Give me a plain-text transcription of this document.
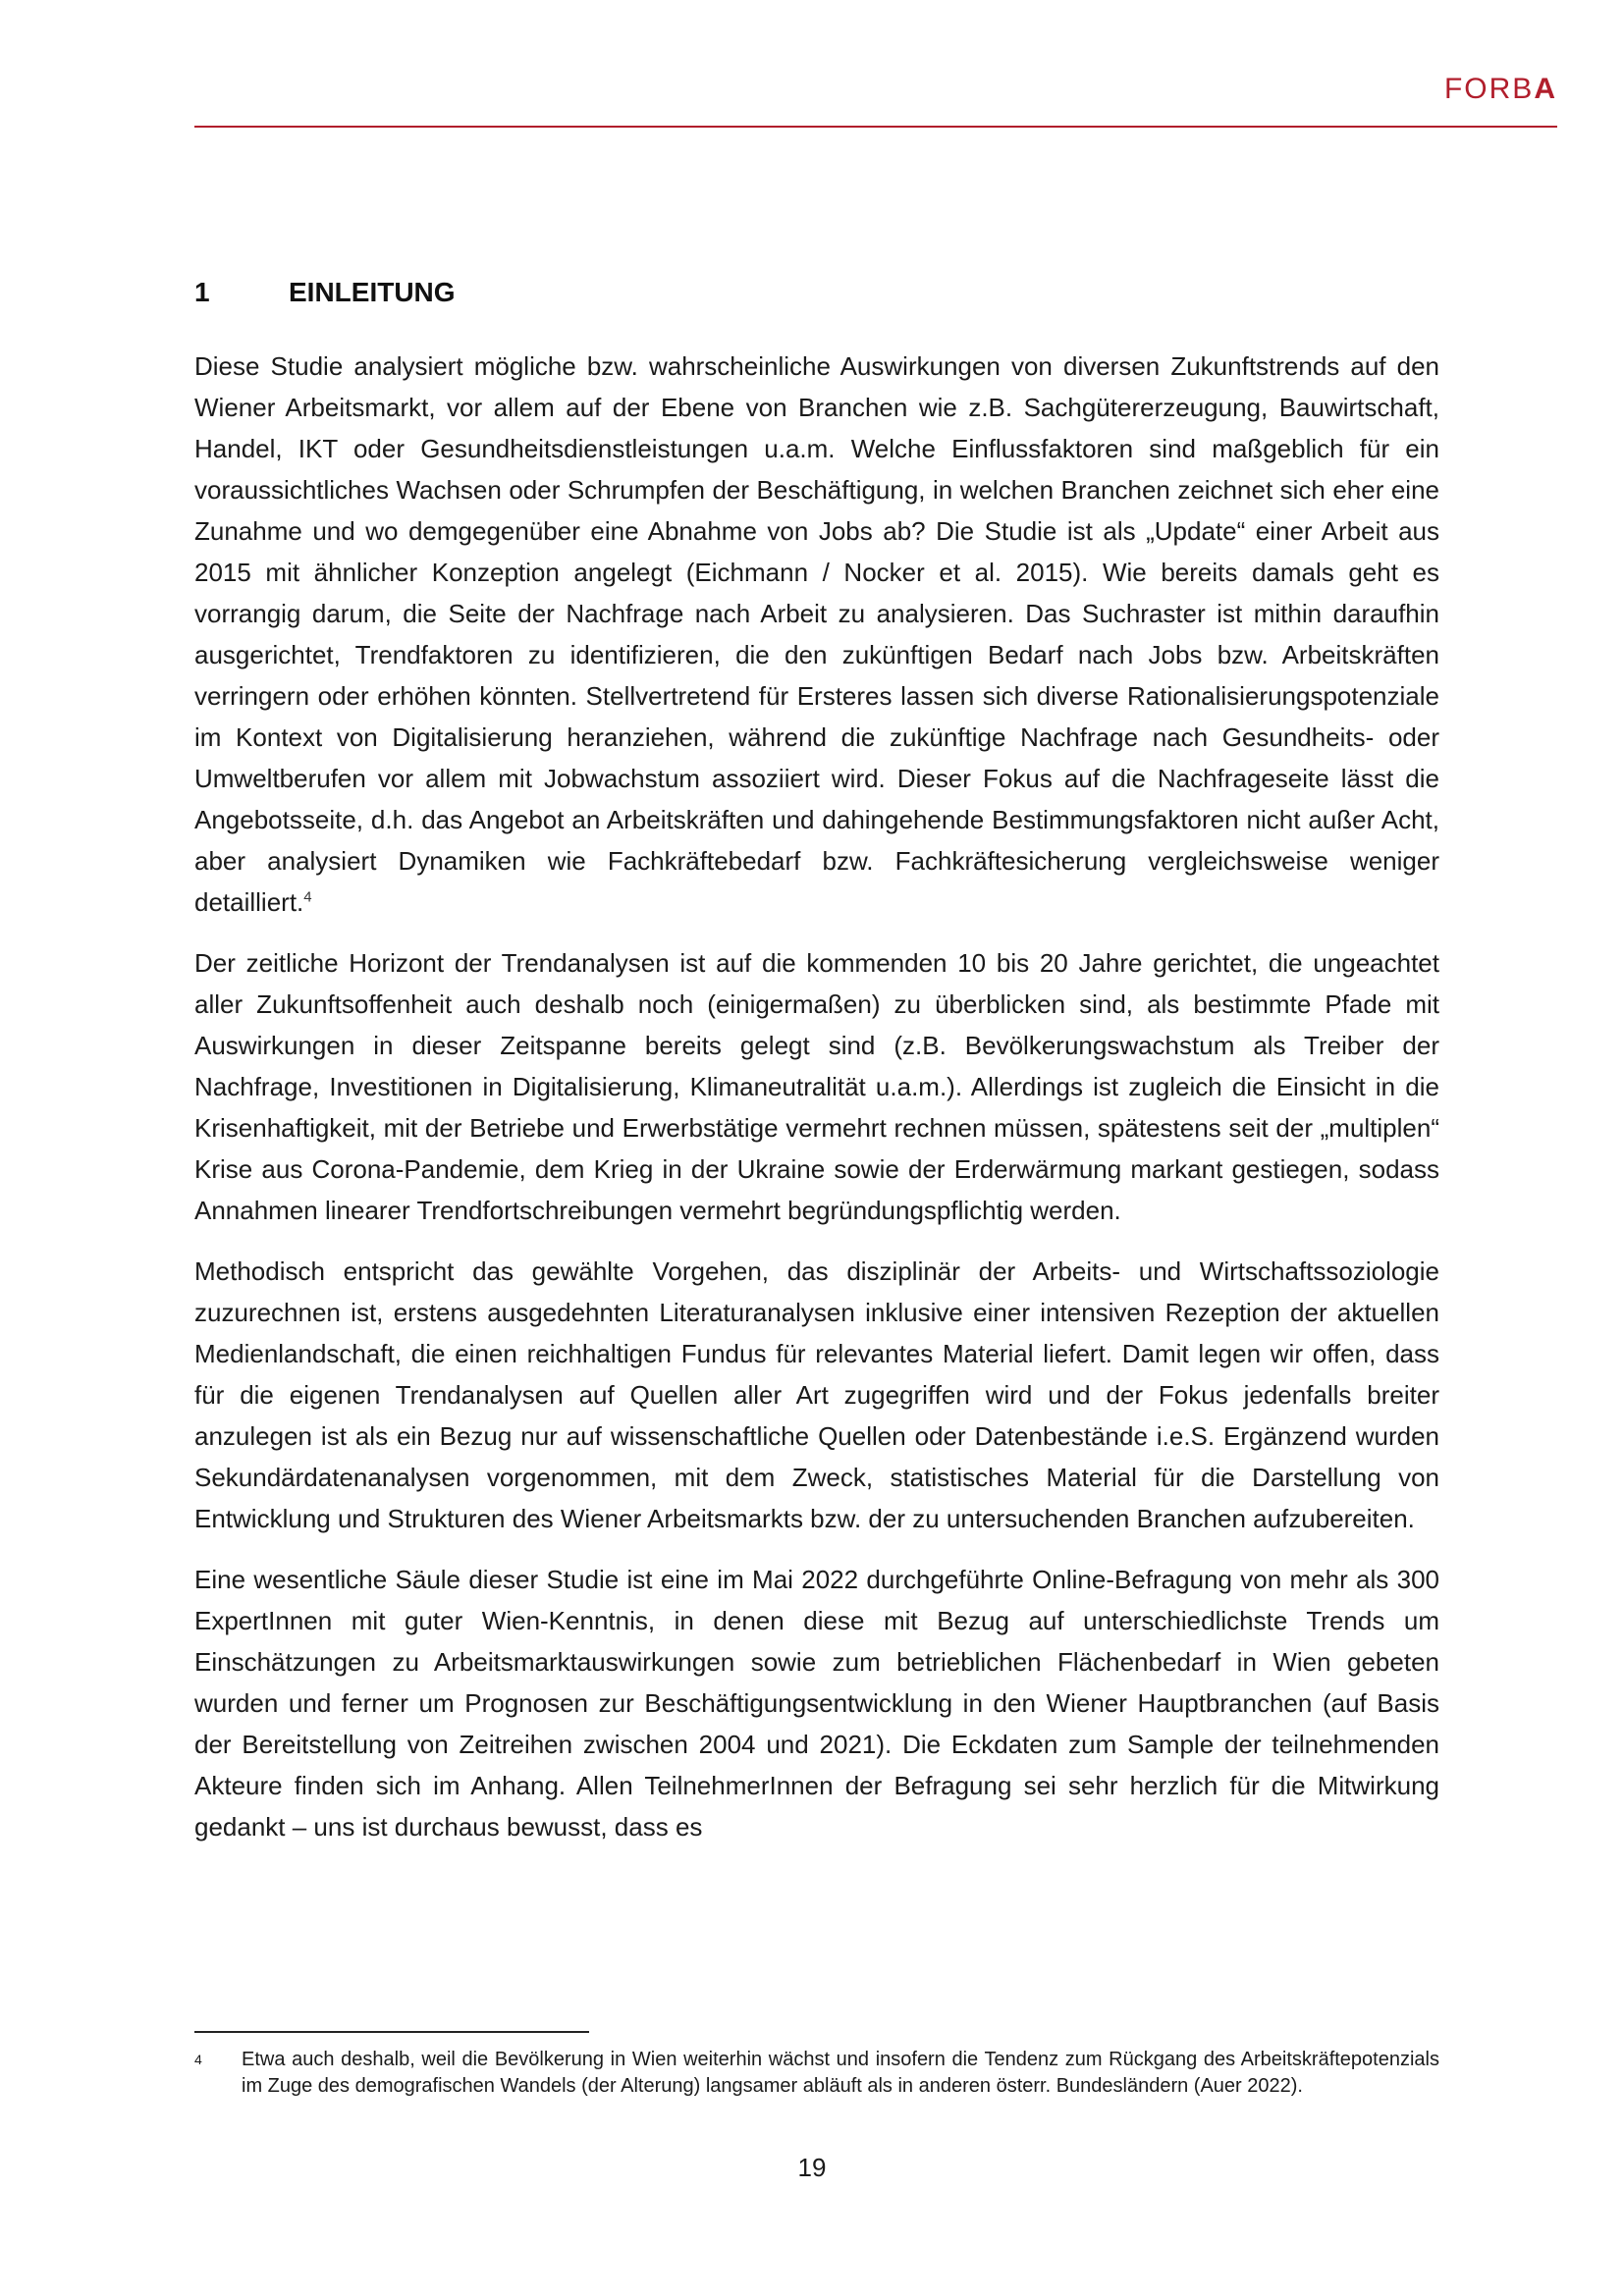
FORBA
1	EINLEITUNG

Diese Studie analysiert mögliche bzw. wahrscheinliche Auswirkungen von diversen Zukunftstrends auf den Wiener Arbeitsmarkt, vor allem auf der Ebene von Branchen wie z.B. Sachgütererzeugung, Bauwirtschaft, Handel, IKT oder Gesundheitsdienstleistungen u.a.m. Welche Einflussfaktoren sind maßgeblich für ein voraussichtliches Wachsen oder Schrumpfen der Beschäftigung, in welchen Branchen zeichnet sich eher eine Zunahme und wo demgegenüber eine Abnahme von Jobs ab? Die Studie ist als „Update“ einer Arbeit aus 2015 mit ähnlicher Konzeption angelegt (Eichmann / Nocker et al. 2015). Wie bereits damals geht es vorrangig darum, die Seite der Nachfrage nach Arbeit zu analysieren. Das Suchraster ist mithin daraufhin ausgerichtet, Trendfaktoren zu identifizieren, die den zukünftigen Bedarf nach Jobs bzw. Arbeitskräften verringern oder erhöhen könnten. Stellvertretend für Ersteres lassen sich diverse Rationalisierungspotenziale im Kontext von Digitalisierung heranziehen, während die zukünftige Nachfrage nach Gesundheits- oder Umweltberufen vor allem mit Jobwachstum assoziiert wird. Dieser Fokus auf die Nachfrageseite lässt die Angebotsseite, d.h. das Angebot an Arbeitskräften und dahingehende Bestimmungsfaktoren nicht außer Acht, aber analysiert Dynamiken wie Fachkräftebedarf bzw. Fachkräftesicherung vergleichsweise weniger detailliert.$^4$

Der zeitliche Horizont der Trendanalysen ist auf die kommenden 10 bis 20 Jahre gerichtet, die ungeachtet aller Zukunftsoffenheit auch deshalb noch (einigermaßen) zu überblicken sind, als bestimmte Pfade mit Auswirkungen in dieser Zeitspanne bereits gelegt sind (z.B. Bevölkerungswachstum als Treiber der Nachfrage, Investitionen in Digitalisierung, Klimaneutralität u.a.m.). Allerdings ist zugleich die Einsicht in die Krisenhaftigkeit, mit der Betriebe und Erwerbstätige vermehrt rechnen müssen, spätestens seit der „multiplen“ Krise aus Corona-Pandemie, dem Krieg in der Ukraine sowie der Erderwärmung markant gestiegen, sodass Annahmen linearer Trendfortschreibungen vermehrt begründungspflichtig werden.

Methodisch entspricht das gewählte Vorgehen, das disziplinär der Arbeits- und Wirtschaftssoziologie zuzurechnen ist, erstens ausgedehnten Literaturanalysen inklusive einer intensiven Rezeption der aktuellen Medienlandschaft, die einen reichhaltigen Fundus für relevantes Material liefert. Damit legen wir offen, dass für die eigenen Trendanalysen auf Quellen aller Art zugegriffen wird und der Fokus jedenfalls breiter anzulegen ist als ein Bezug nur auf wissenschaftliche Quellen oder Datenbestände i.e.S. Ergänzend wurden Sekundärdatenanalysen vorgenommen, mit dem Zweck, statistisches Material für die Darstellung von Entwicklung und Strukturen des Wiener Arbeitsmarkts bzw. der zu untersuchenden Branchen aufzubereiten.

Eine wesentliche Säule dieser Studie ist eine im Mai 2022 durchgeführte Online-Befragung von mehr als 300 ExpertInnen mit guter Wien-Kenntnis, in denen diese mit Bezug auf unterschiedlichste Trends um Einschätzungen zu Arbeitsmarktauswirkungen sowie zum betrieblichen Flächenbedarf in Wien gebeten wurden und ferner um Prognosen zur Beschäftigungsentwicklung in den Wiener Hauptbranchen (auf Basis der Bereitstellung von Zeitreihen zwischen 2004 und 2021). Die Eckdaten zum Sample der teilnehmenden Akteure finden sich im Anhang. Allen TeilnehmerInnen der Befragung sei sehr herzlich für die Mitwirkung gedankt – uns ist durchaus bewusst, dass es

4	Etwa auch deshalb, weil die Bevölkerung in Wien weiterhin wächst und insofern die Tendenz zum Rückgang des Arbeitskräftepotenzials im Zuge des demografischen Wandels (der Alterung) langsamer abläuft als in anderen österr. Bundesländern (Auer 2022).
19
